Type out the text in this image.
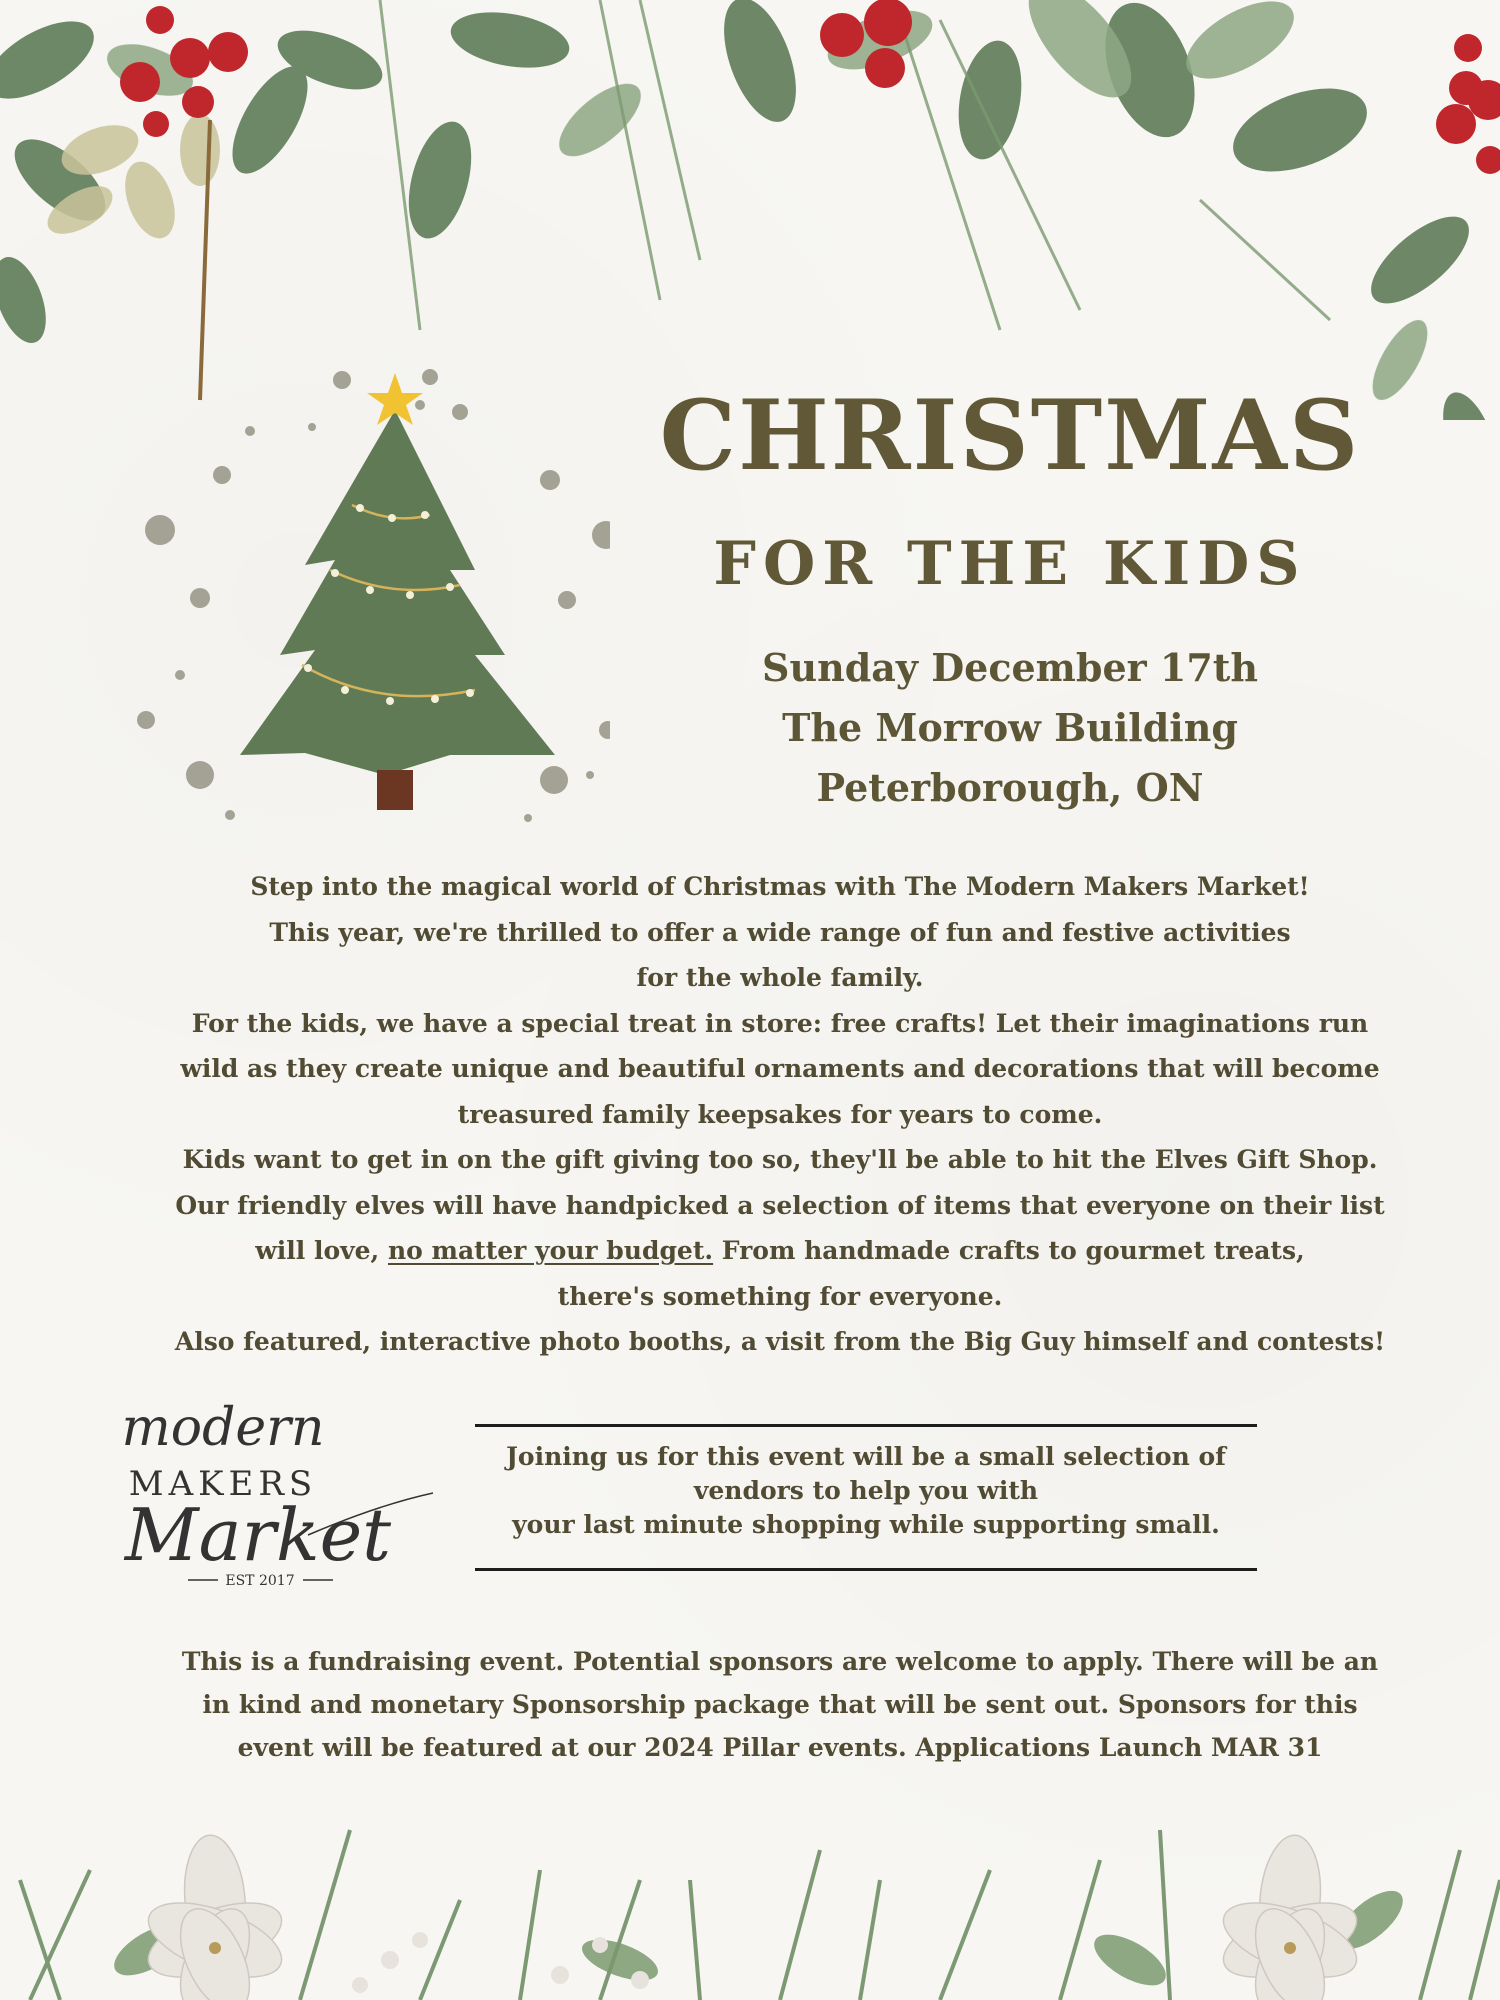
CHRISTMAS
FOR THE KIDS
Sunday December 17th
The Morrow Building
Peterborough, ON
Step into the magical world of Christmas with The Modern Makers Market!
This year, we're thrilled to offer a wide range of fun and festive activities
for the whole family.
For the kids, we have a special treat in store: free crafts! Let their imaginations run
wild as they create unique and beautiful ornaments and decorations that will become
treasured family keepsakes for years to come.
Kids want to get in on the gift giving too so, they'll be able to hit the Elves Gift Shop.
Our friendly elves will have handpicked a selection of items that everyone on their list
will love, no matter your budget. From handmade crafts to gourmet treats,
there's something for everyone.
Also featured, interactive photo booths, a visit from the Big Guy himself and contests!
modern
MAKERS
Market
EST 2017
Joining us for this event will be a small selection of
vendors to help you with
your last minute shopping while supporting small.
This is a fundraising event. Potential sponsors are welcome to apply. There will be an
in kind and monetary Sponsorship package that will be sent out. Sponsors for this
event will be featured at our 2024 Pillar events. Applications Launch MAR 31
